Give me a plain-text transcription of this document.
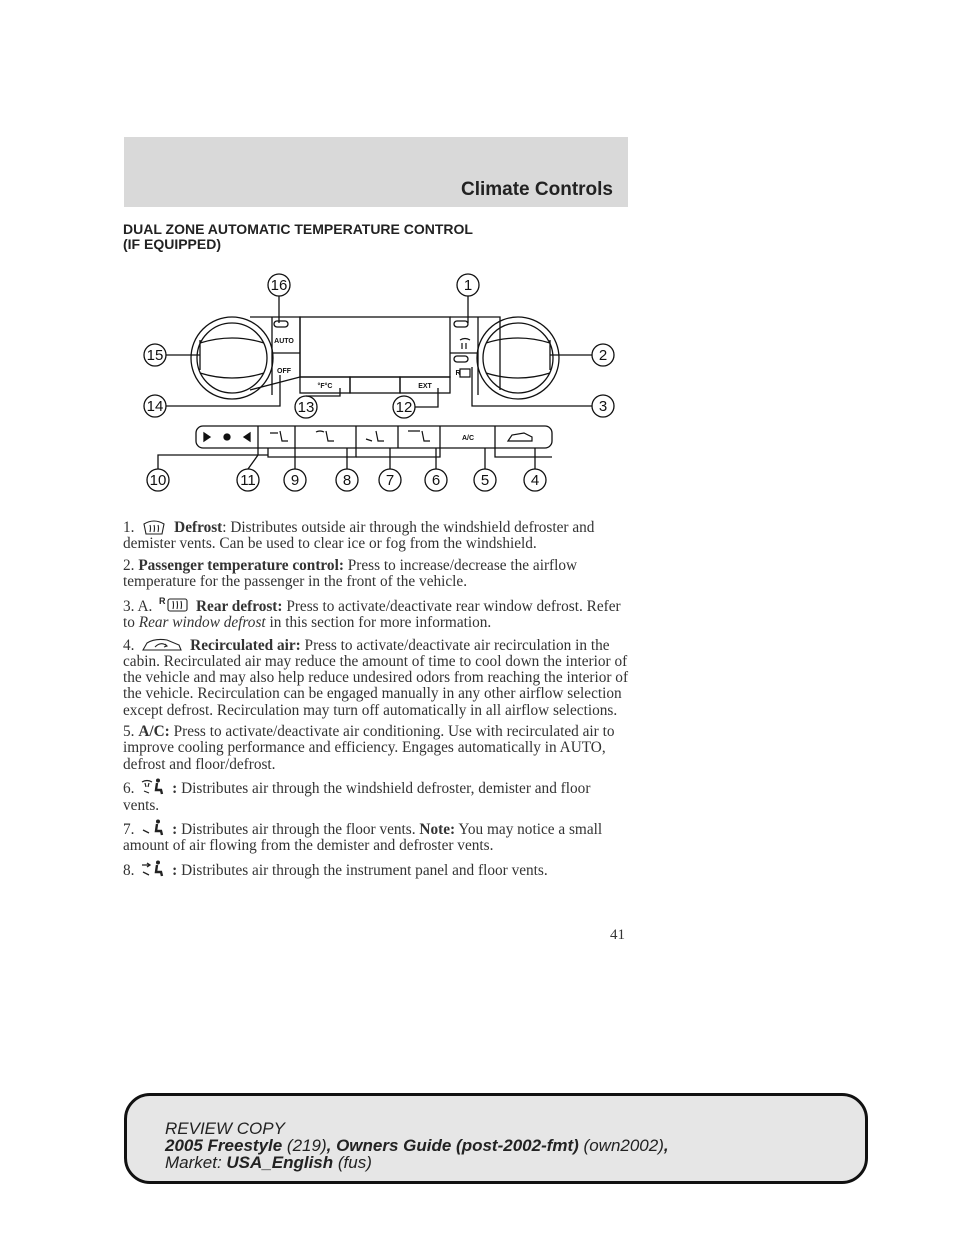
Climate Controls
DUAL ZONE AUTOMATIC TEMPERATURE CONTROL
(IF EQUIPPED)
16	1
15	2
14	13	12	3
10	11 9	8 7	6	5	4
AUTO
OFF
°F°C	EXT
A/C
R

1.	Defrost: Distributes outside air through the windshield defroster and demister vents. Can be used to clear ice or fog from the windshield.

2. Passenger temperature control: Press to increase/decrease the airflow temperature for the passenger in the front of the vehicle.

3. A. R Rear defrost: Press to activate/deactivate rear window defrost. Refer to Rear window defrost in this section for more information.

4.	Recirculated air: Press to activate/deactivate air recirculation in the cabin. Recirculated air may reduce the amount of time to cool down the interior of the vehicle and may also help reduce undesired odors from reaching the interior of the vehicle. Recirculation can be engaged manually in any other airflow selection except defrost. Recirculation may turn off automatically in all airflow selections.

5. A/C: Press to activate/deactivate air conditioning. Use with recirculated air to improve cooling performance and efficiency. Engages automatically in AUTO, defrost and floor/defrost.

6. : Distributes air through the windshield defroster, demister and floor vents.

7. : Distributes air through the floor vents. Note: You may notice a small amount of air flowing from the demister and defroster vents.

8. : Distributes air through the instrument panel and floor vents.

41
REVIEW COPY
2005 Freestyle (219), Owners Guide (post-2002-fmt) (own2002),
Market: USA_English (fus)
